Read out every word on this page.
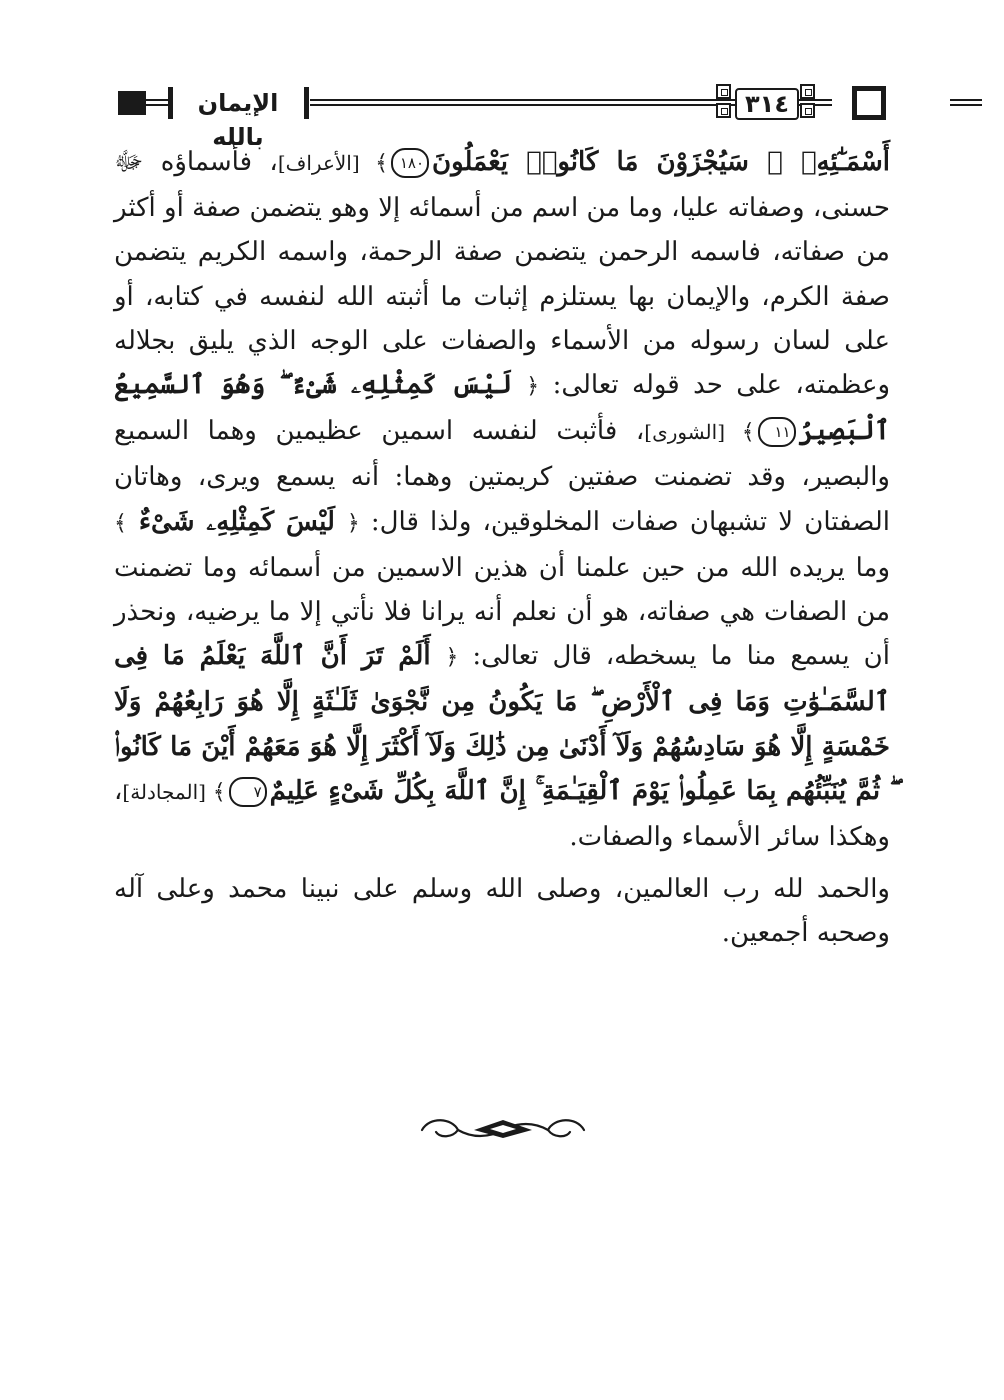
الإيمان بالله
٣١٤

أَسْمَـٰٓئِهِۦ ۚ سَيُجْزَوْنَ مَا كَانُوا۟ يَعْمَلُونَ١٨٠﴾ [الأعراف]، فأسماؤه ﷻ حسنى، وصفاته عليا، وما من اسم من أسمائه إلا وهو يتضمن صفة أو أكثر من صفاته، فاسمه الرحمن يتضمن صفة الرحمة، واسمه الكريم يتضمن صفة الكرم، والإيمان بها يستلزم إثبات ما أثبته الله لنفسه في كتابه، أو على لسان رسوله من الأسماء والصفات على الوجه الذي يليق بجلاله وعظمته، على حد قوله تعالى: ﴿ لَيْسَ كَمِثْلِهِۦ شَىْءٌ ۖ وَهُوَ ٱلسَّمِيعُ ٱلْبَصِيرُ١١﴾ [الشورى]، فأثبت لنفسه اسمين عظيمين وهما السميع والبصير، وقد تضمنت صفتين كريمتين وهما: أنه يسمع ويرى، وهاتان الصفتان لا تشبهان صفات المخلوقين، ولذا قال: ﴿ لَيْسَ كَمِثْلِهِۦ شَىْءٌ ﴾ وما يريده الله من حين علمنا أن هذين الاسمين من أسمائه وما تضمنت من الصفات هي صفاته، هو أن نعلم أنه يرانا فلا نأتي إلا ما يرضيه، ونحذر أن يسمع منا ما يسخطه، قال تعالى: ﴿ أَلَمْ تَرَ أَنَّ ٱللَّهَ يَعْلَمُ مَا فِى ٱلسَّمَـٰوَٰتِ وَمَا فِى ٱلْأَرْضِ ۖ مَا يَكُونُ مِن نَّجْوَىٰ ثَلَـٰثَةٍ إِلَّا هُوَ رَابِعُهُمْ وَلَا خَمْسَةٍ إِلَّا هُوَ سَادِسُهُمْ وَلَآ أَدْنَىٰ مِن ذَٰلِكَ وَلَآ أَكْثَرَ إِلَّا هُوَ مَعَهُمْ أَيْنَ مَا كَانُوا۟ ۖ ثُمَّ يُنَبِّئُهُم بِمَا عَمِلُوا۟ يَوْمَ ٱلْقِيَـٰمَةِ ۚ إِنَّ ٱللَّهَ بِكُلِّ شَىْءٍ عَلِيمٌ٧﴾ [المجادلة]، وهكذا سائر الأسماء والصفات.

والحمد لله رب العالمين، وصلى الله وسلم على نبينا محمد وعلى آله وصحبه أجمعين.
